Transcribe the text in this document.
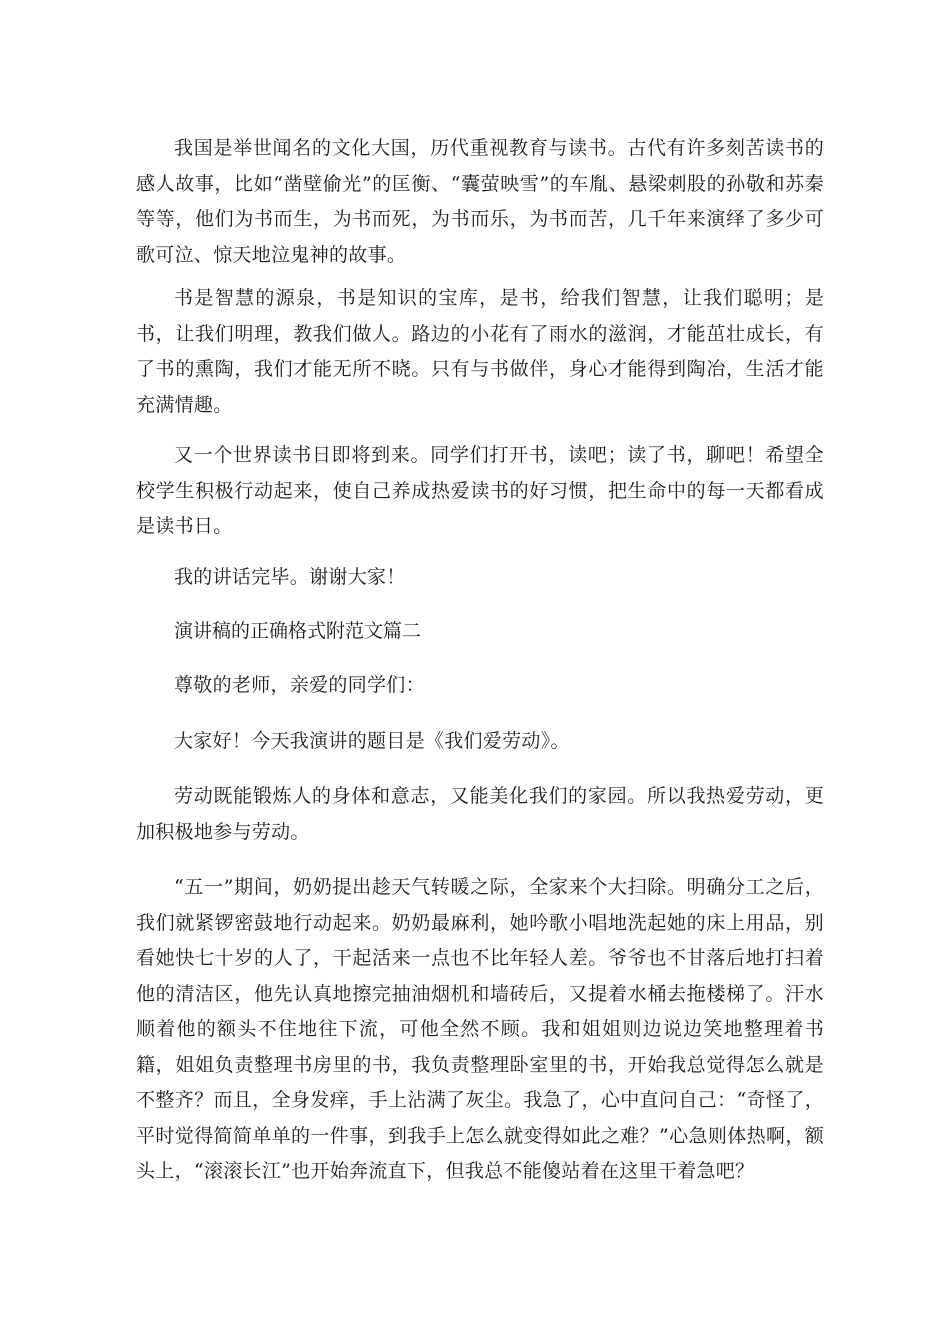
我国是举世闻名的文化大国，历代重视教育与读书。古代有许多刻苦读书的感人故事，比如“凿壁偷光”的匡衡、“囊萤映雪”的车胤、悬梁刺股的孙敬和苏秦等等，他们为书而生，为书而死，为书而乐，为书而苦，几千年来演绎了多少可歌可泣、惊天地泣鬼神的故事。

书是智慧的源泉，书是知识的宝库，是书，给我们智慧，让我们聪明；是书，让我们明理，教我们做人。路边的小花有了雨水的滋润，才能茁壮成长，有了书的熏陶，我们才能无所不晓。只有与书做伴，身心才能得到陶冶，生活才能充满情趣。

又一个世界读书日即将到来。同学们打开书，读吧；读了书，聊吧！希望全校学生积极行动起来，使自己养成热爱读书的好习惯，把生命中的每一天都看成是读书日。

我的讲话完毕。谢谢大家！

演讲稿的正确格式附范文篇二

尊敬的老师，亲爱的同学们：

大家好！今天我演讲的题目是《我们爱劳动》。

劳动既能锻炼人的身体和意志，又能美化我们的家园。所以我热爱劳动，更加积极地参与劳动。

“五一”期间，奶奶提出趁天气转暖之际，全家来个大扫除。明确分工之后，我们就紧锣密鼓地行动起来。奶奶最麻利，她吟歌小唱地洗起她的床上用品，别看她快七十岁的人了，干起活来一点也不比年轻人差。爷爷也不甘落后地打扫着他的清洁区，他先认真地擦完抽油烟机和墙砖后，又提着水桶去拖楼梯了。汗水顺着他的额头不住地往下流，可他全然不顾。我和姐姐则边说边笑地整理着书籍，姐姐负责整理书房里的书，我负责整理卧室里的书，开始我总觉得怎么就是不整齐？而且，全身发痒，手上沾满了灰尘。我急了，心中直问自己：“奇怪了，平时觉得简简单单的一件事，到我手上怎么就变得如此之难？”心急则体热啊，额头上，“滚滚长江”也开始奔流直下，但我总不能傻站着在这里干着急吧？
